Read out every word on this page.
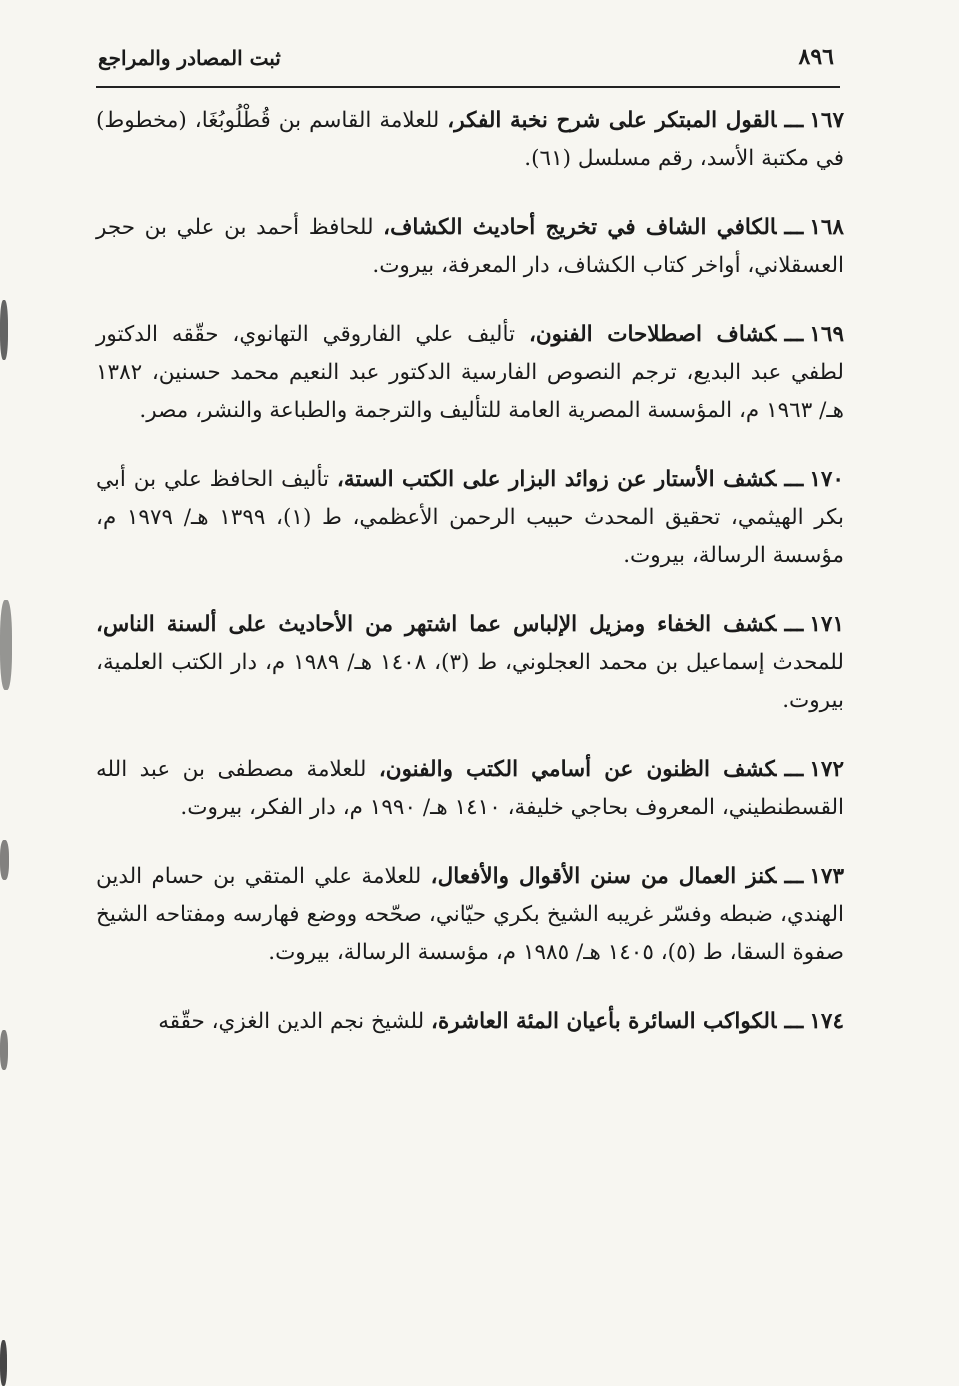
٨٩٦
ثبت المصادر والمراجع

١٦٧ـــالقول المبتكر على شرح نخبة الفكر، للعلامة القاسم بن قُطْلُوبُغَا، (مخطوط) في مكتبة الأسد، رقم مسلسل (٦١).

١٦٨ـــالكافي الشاف في تخريج أحاديث الكشاف، للحافظ أحمد بن علي بن حجر العسقلاني، أواخر كتاب الكشاف، دار المعرفة، بيروت.

١٦٩ـــكشاف اصطلاحات الفنون، تأليف علي الفاروقي التهانوي، حقّقه الدكتور لطفي عبد البديع، ترجم النصوص الفارسية الدكتور عبد النعيم محمد حسنين، ١٣٨٢ هـ/ ١٩٦٣ م، المؤسسة المصرية العامة للتأليف والترجمة والطباعة والنشر، مصر.

١٧٠ـــكشف الأستار عن زوائد البزار على الكتب الستة، تأليف الحافظ علي بن أبي بكر الهيثمي، تحقيق المحدث حبيب الرحمن الأعظمي، ط (١)، ١٣٩٩ هـ/ ١٩٧٩ م، مؤسسة الرسالة، بيروت.

١٧١ـــكشف الخفاء ومزيل الإلباس عما اشتهر من الأحاديث على ألسنة الناس، للمحدث إسماعيل بن محمد العجلوني، ط (٣)، ١٤٠٨ هـ/ ١٩٨٩ م، دار الكتب العلمية، بيروت.

١٧٢ـــكشف الظنون عن أسامي الكتب والفنون، للعلامة مصطفى بن عبد الله القسطنطيني، المعروف بحاجي خليفة، ١٤١٠ هـ/ ١٩٩٠ م، دار الفكر، بيروت.

١٧٣ـــكنز العمال من سنن الأقوال والأفعال، للعلامة علي المتقي بن حسام الدين الهندي، ضبطه وفسّر غريبه الشيخ بكري حيّاني، صحّحه ووضع فهارسه ومفتاحه الشيخ صفوة السقا، ط (٥)، ١٤٠٥ هـ/ ١٩٨٥ م، مؤسسة الرسالة، بيروت.

١٧٤ـــالكواكب السائرة بأعيان المئة العاشرة، للشيخ نجم الدين الغزي، حقّقه
